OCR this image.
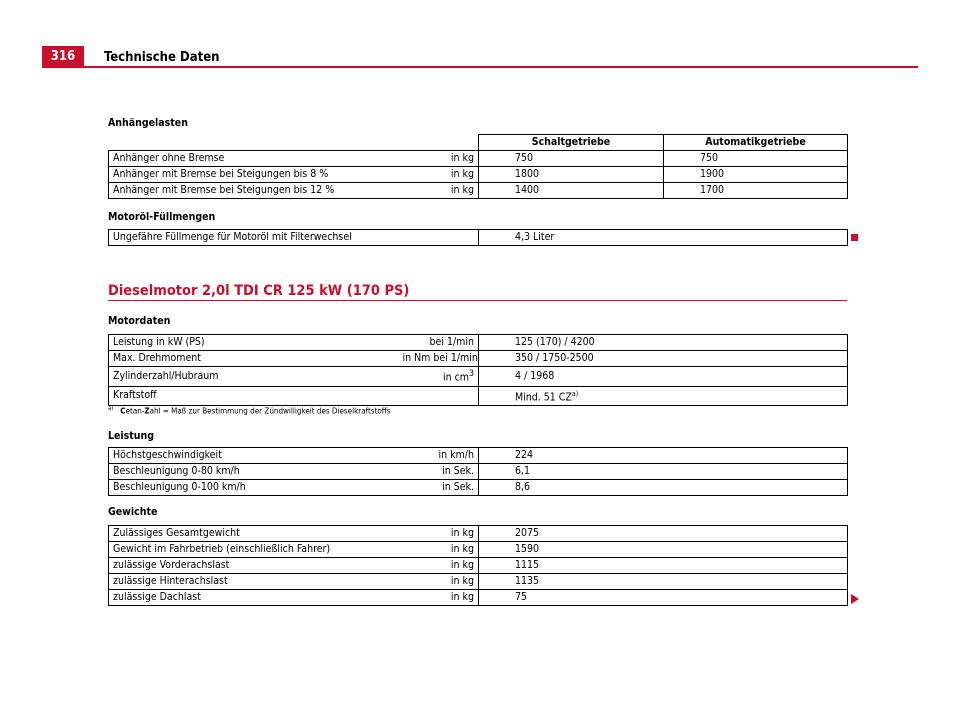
316	Technische Daten
Anhängelasten
		Schaltgetriebe	Automatikgetriebe
Anhänger ohne Bremse	in kg	750	750
Anhänger mit Bremse bei Steigungen bis 8 %	in kg	1800	1900
Anhänger mit Bremse bei Steigungen bis 12 %	in kg	1400	1700
Motoröl-Füllmengen
Ungefähre Füllmenge für Motoröl mit Filterwechsel	4,3 Liter
Dieselmotor 2,0l TDI CR 125 kW (170 PS)
Motordaten
Leistung in kW (PS)	bei 1/min	125 (170) / 4200
Max. Drehmoment	in Nm bei 1/min	350 / 1750-2500
Zylinderzahl/Hubraum	in $cm^3$	4 / 1968
Kraftstoff		Mind. 51 CZ$^{a)}$
$^{a)}$ Cetan-Zahl = Maß zur Bestimmung der Zündwilligkeit des Dieselkraftstoffs
Leistung
Höchstgeschwindigkeit	in km/h	224
Beschleunigung 0-80 km/h	in Sek.	6,1
Beschleunigung 0-100 km/h	in Sek.	8,6
Gewichte
Zulässiges Gesamtgewicht	in kg	2075
Gewicht im Fahrbetrieb (einschließlich Fahrer)	in kg	1590
zulässige Vorderachslast	in kg	1115
zulässige Hinterachslast	in kg	1135
zulässige Dachlast	in kg	75
